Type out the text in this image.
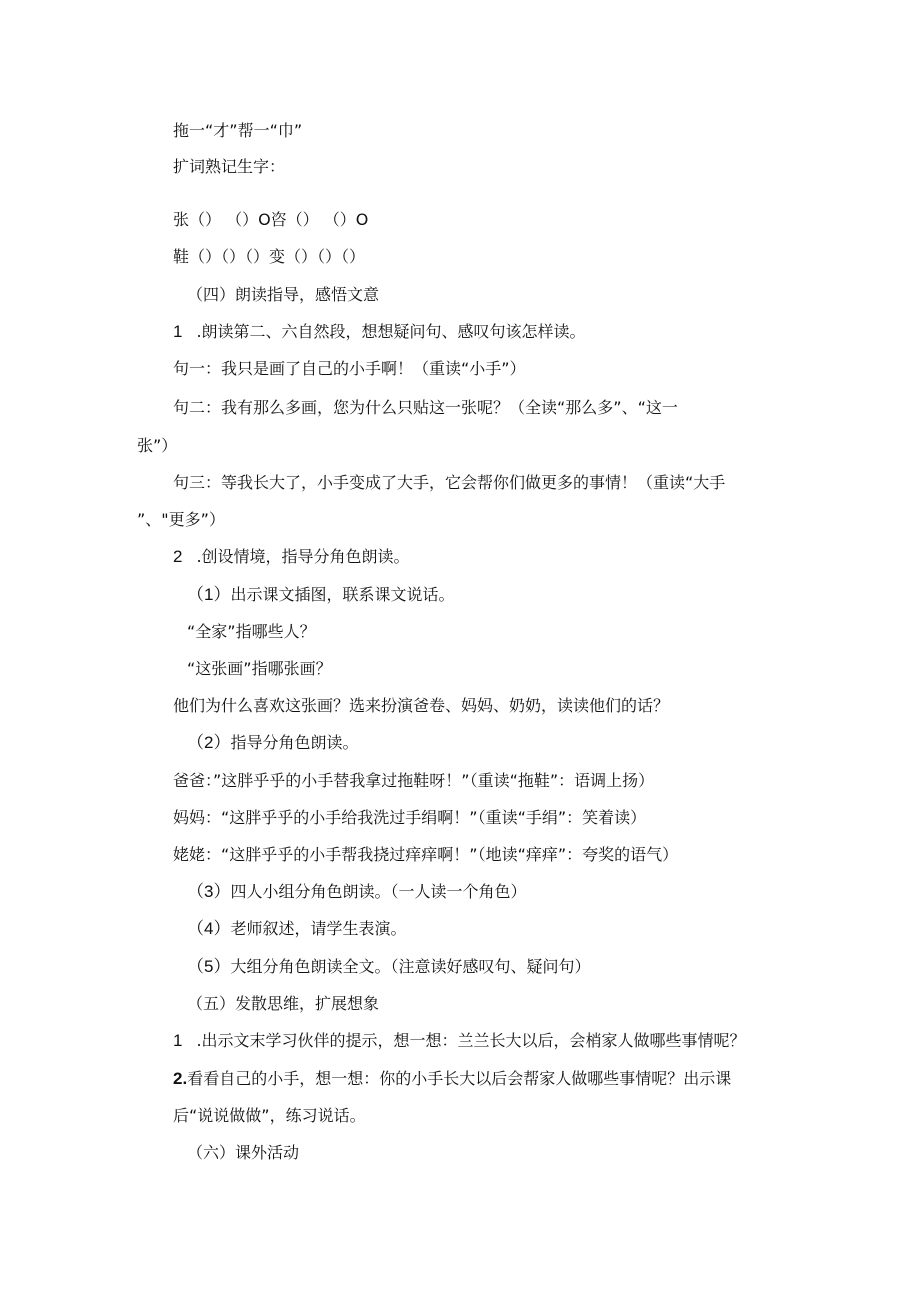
拖一“才”帮一“巾”
扩词熟记生字：
张（） （）O咨（） （）O
鞋（）（）（）变（）（）（）
（四）朗读指导，感悟文意
1 .朗读第二、六自然段，想想疑问句、感叹句该怎样读。
句一：我只是画了自己的小手啊！（重读“小手”）
句二：我有那么多画，您为什么只贴这一张呢？（全读“那么多”、“这一
张”）
句三：等我长大了，小手变成了大手，它会帮你们做更多的事情！（重读“大手
”、"更多”）
2 .创设情境，指导分角色朗读。
（1）出示课文插图，联系课文说话。
“全家”指哪些人？
“这张画”指哪张画？
他们为什么喜欢这张画？选来扮演爸卷、妈妈、奶奶，读读他们的话？
（2）指导分角色朗读。
爸爸：”这胖乎乎的小手替我拿过拖鞋呀！”（重读“拖鞋”：语调上扬）
妈妈：“这胖乎乎的小手给我洗过手绢啊！”（重读“手绢”：笑着读）
姥姥：“这胖乎乎的小手帮我挠过痒痒啊！”（地读“痒痒”：夸奖的语气）
（3）四人小组分角色朗读。（一人读一个角色）
（4）老师叙述，请学生表演。
（5）大组分角色朗读全文。（注意读好感叹句、疑问句）
（五）发散思维，扩展想象
1 .出示文末学习伙伴的提示，想一想：兰兰长大以后，会梢家人做哪些事情呢？
2.看看自己的小手，想一想：你的小手长大以后会帮家人做哪些事情呢？出示课
后“说说做做”，练习说话。
（六）课外活动
